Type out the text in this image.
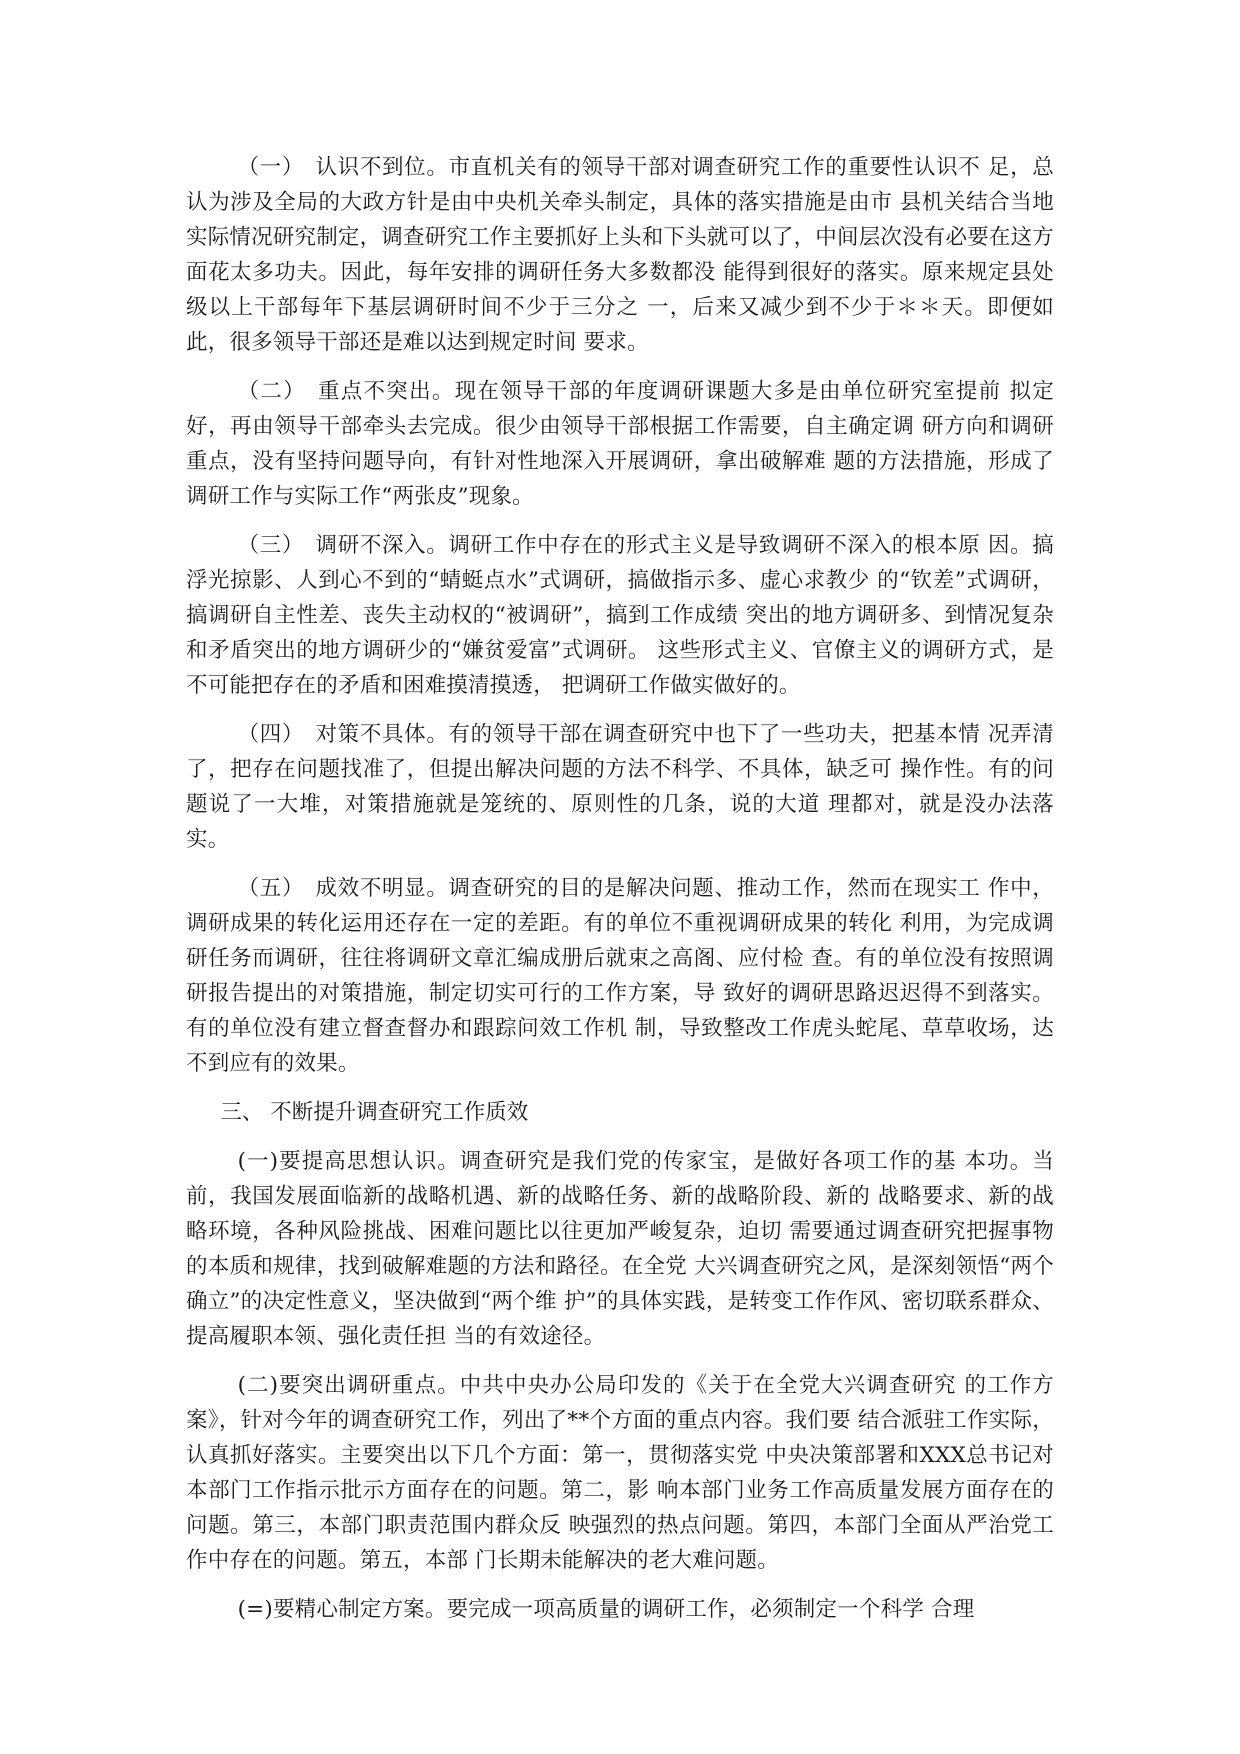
（一）　认识不到位。市直机关有的领导干部对调查研究工作的重要性认识不 足，总认为涉及全局的大政方针是由中央机关牵头制定，具体的落实措施是由市 县机关结合当地实际情况研究制定，调查研究工作主要抓好上头和下头就可以了，中间层次没有必要在这方面花太多功夫。因此，每年安排的调研任务大多数都没 能得到很好的落实。原来规定县处级以上干部每年下基层调研时间不少于三分之 一，后来又减少到不少于＊＊天。即便如此，很多领导干部还是难以达到规定时间 要求。

（二）　重点不突出。现在领导干部的年度调研课题大多是由单位研究室提前 拟定好，再由领导干部牵头去完成。很少由领导干部根据工作需要，自主确定调 研方向和调研重点，没有坚持问题导向，有针对性地深入开展调研，拿出破解难 题的方法措施，形成了调研工作与实际工作“两张皮”现象。

（三）　调研不深入。调研工作中存在的形式主义是导致调研不深入的根本原 因。搞浮光掠影、人到心不到的“蜻蜓点水”式调研，搞做指示多、虚心求教少 的“钦差”式调研，搞调研自主性差、丧失主动权的“被调研”，搞到工作成绩 突出的地方调研多、到情况复杂和矛盾突出的地方调研少的“嫌贫爱富”式调研。 这些形式主义、官僚主义的调研方式，是不可能把存在的矛盾和困难摸清摸透， 把调研工作做实做好的。

（四）　对策不具体。有的领导干部在调查研究中也下了一些功夫，把基本情 况弄清了，把存在问题找准了，但提出解决问题的方法不科学、不具体，缺乏可 操作性。有的问题说了一大堆，对策措施就是笼统的、原则性的几条，说的大道 理都对，就是没办法落实。

（五）　成效不明显。调查研究的目的是解决问题、推动工作，然而在现实工 作中，调研成果的转化运用还存在一定的差距。有的单位不重视调研成果的转化 利用，为完成调研任务而调研，往往将调研文章汇编成册后就束之高阁、应付检 查。有的单位没有按照调研报告提出的对策措施，制定切实可行的工作方案，导 致好的调研思路迟迟得不到落实。有的单位没有建立督查督办和跟踪问效工作机 制，导致整改工作虎头蛇尾、草草收场，达不到应有的效果。

三、 不断提升调查研究工作质效

(一)要提高思想认识。调查研究是我们党的传家宝，是做好各项工作的基 本功。当前，我国发展面临新的战略机遇、新的战略任务、新的战略阶段、新的 战略要求、新的战略环境，各种风险挑战、困难问题比以往更加严峻复杂，迫切 需要通过调查研究把握事物的本质和规律，找到破解难题的方法和路径。在全党 大兴调查研究之风，是深刻领悟“两个确立”的决定性意义，坚决做到“两个维 护”的具体实践，是转变工作作风、密切联系群众、提高履职本领、强化责任担 当的有效途径。

(二)要突出调研重点。中共中央办公局印发的《关于在全党大兴调查研究 的工作方案》，针对今年的调查研究工作，列出了**个方面的重点内容。我们要 结合派驻工作实际，认真抓好落实。主要突出以下几个方面：第一，贯彻落实党 中央决策部署和XXX总书记对本部门工作指示批示方面存在的问题。第二，影 响本部门业务工作高质量发展方面存在的问题。第三，本部门职责范围内群众反 映强烈的热点问题。第四，本部门全面从严治党工作中存在的问题。第五，本部 门长期未能解决的老大难问题。

(=)要精心制定方案。要完成一项高质量的调研工作，必须制定一个科学 合理
